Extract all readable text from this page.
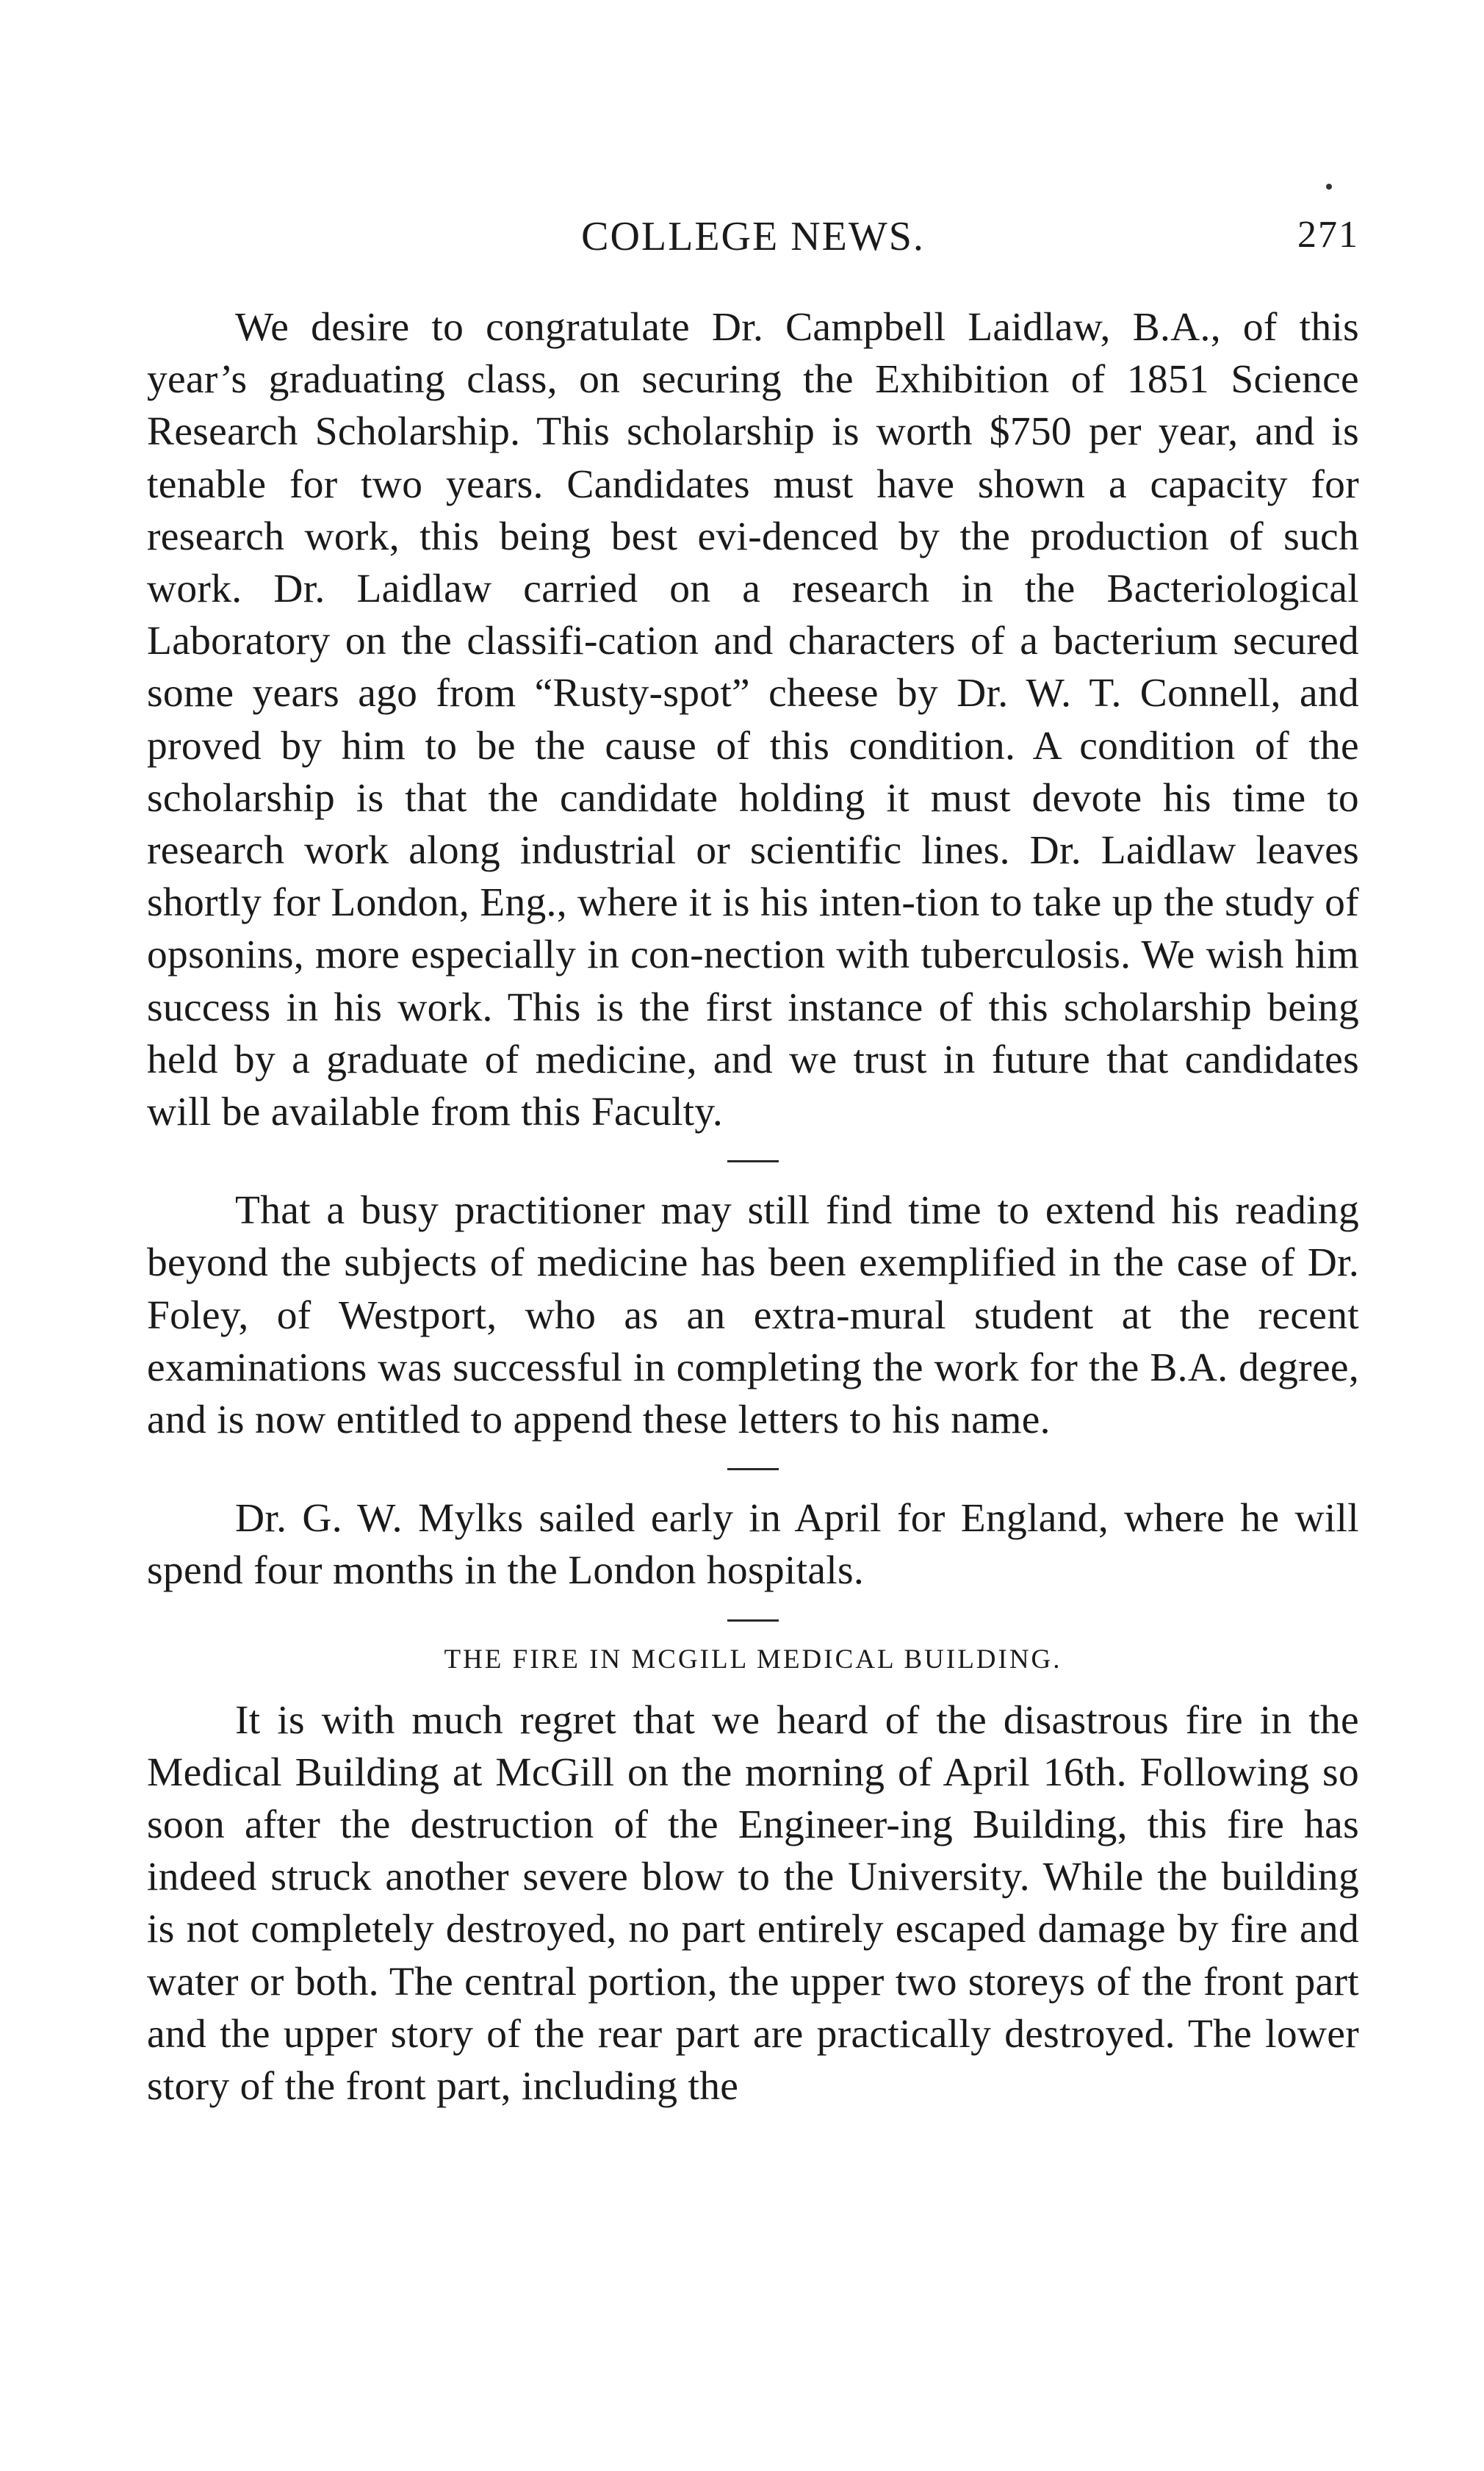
COLLEGE NEWS.	271

We desire to congratulate Dr. Campbell Laidlaw, B.A., of this year’s graduating class, on securing the Exhibition of 1851 Science Research Scholarship. This scholarship is worth $750 per year, and is tenable for two years. Candidates must have shown a capacity for research work, this being best evi-denced by the production of such work. Dr. Laidlaw carried on a research in the Bacteriological Laboratory on the classifi-cation and characters of a bacterium secured some years ago from “Rusty-spot” cheese by Dr. W. T. Connell, and proved by him to be the cause of this condition. A condition of the scholarship is that the candidate holding it must devote his time to research work along industrial or scientific lines. Dr. Laidlaw leaves shortly for London, Eng., where it is his inten-tion to take up the study of opsonins, more especially in con-nection with tuberculosis. We wish him success in his work. This is the first instance of this scholarship being held by a graduate of medicine, and we trust in future that candidates will be available from this Faculty.

That a busy practitioner may still find time to extend his reading beyond the subjects of medicine has been exemplified in the case of Dr. Foley, of Westport, who as an extra-mural student at the recent examinations was successful in completing the work for the B.A. degree, and is now entitled to append these letters to his name.

Dr. G. W. Mylks sailed early in April for England, where he will spend four months in the London hospitals.

THE FIRE IN MCGILL MEDICAL BUILDING.

It is with much regret that we heard of the disastrous fire in the Medical Building at McGill on the morning of April 16th. Following so soon after the destruction of the Engineer-ing Building, this fire has indeed struck another severe blow to the University. While the building is not completely destroyed, no part entirely escaped damage by fire and water or both. The central portion, the upper two storeys of the front part and the upper story of the rear part are practically destroyed. The lower story of the front part, including the
